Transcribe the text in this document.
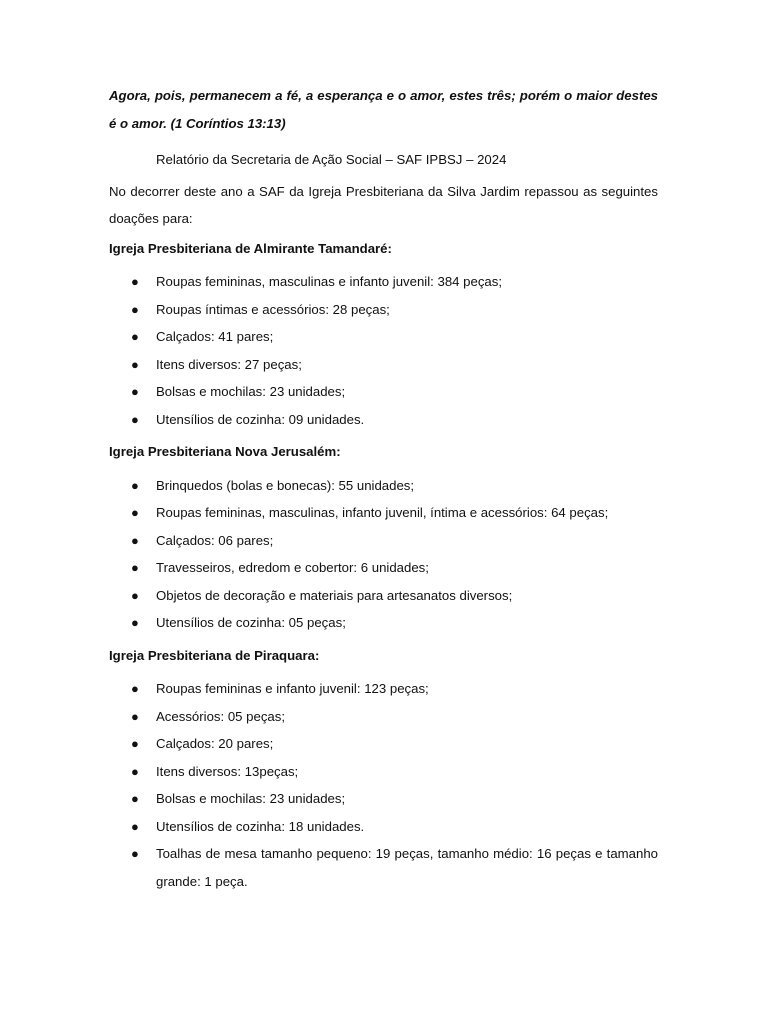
Agora, pois, permanecem a fé, a esperança e o amor, estes três; porém o maior destes é o amor. (1 Coríntios 13:13)

Relatório da Secretaria de Ação Social – SAF IPBSJ – 2024

No decorrer deste ano a SAF da Igreja Presbiteriana da Silva Jardim repassou as seguintes doações para:

Igreja Presbiteriana de Almirante Tamandaré:

● Roupas femininas, masculinas e infanto juvenil: 384 peças;
● Roupas íntimas e acessórios: 28 peças;
● Calçados: 41 pares;
● Itens diversos: 27 peças;
● Bolsas e mochilas: 23 unidades;
● Utensílios de cozinha: 09 unidades.

Igreja Presbiteriana Nova Jerusalém:

● Brinquedos (bolas e bonecas): 55 unidades;
● Roupas femininas, masculinas, infanto juvenil, íntima e acessórios: 64 peças;
● Calçados: 06 pares;
● Travesseiros, edredom e cobertor: 6 unidades;
● Objetos de decoração e materiais para artesanatos diversos;
● Utensílios de cozinha: 05 peças;

Igreja Presbiteriana de Piraquara:

● Roupas femininas e infanto juvenil: 123 peças;
● Acessórios: 05 peças;
● Calçados: 20 pares;
● Itens diversos: 13peças;
● Bolsas e mochilas: 23 unidades;
● Utensílios de cozinha: 18 unidades.
● Toalhas de mesa tamanho pequeno: 19 peças, tamanho médio: 16 peças e tamanho grande: 1 peça.
